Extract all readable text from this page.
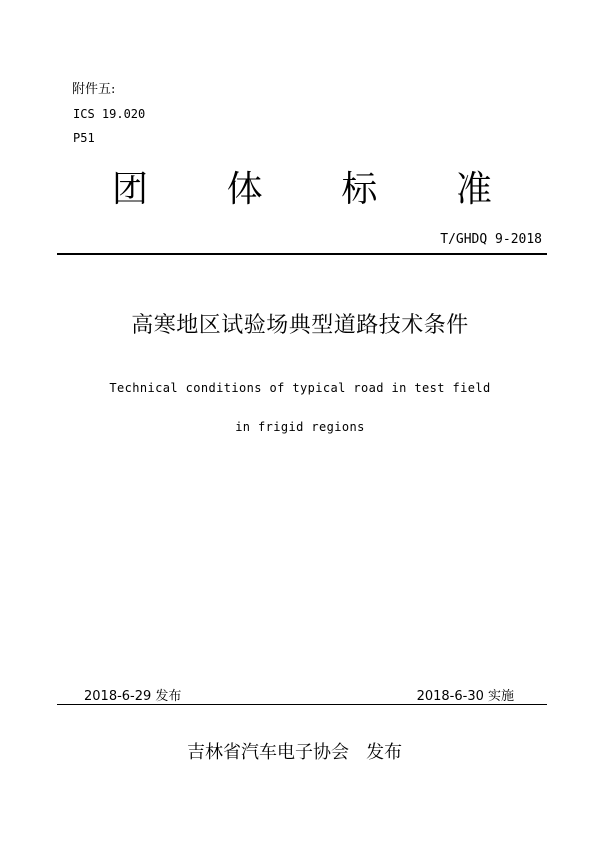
附件五:
ICS 19.020
P51
团 体 标 准
T/GHDQ 9-2018
高寒地区试验场典型道路技术条件
Technical conditions of typical road in test field
in frigid regions
2018-6-29 发布	2018-6-30 实施
吉林省汽车电子协会   发布
